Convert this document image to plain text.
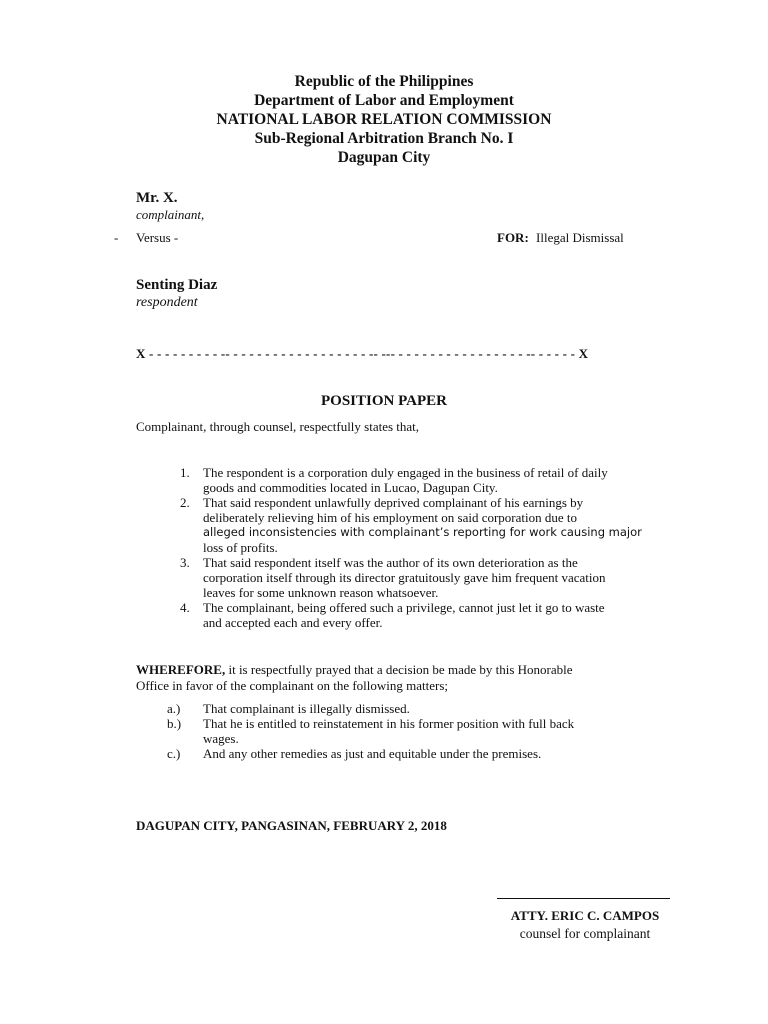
Republic of the Philippines
Department of Labor and Employment
NATIONAL LABOR RELATION COMMISSION
Sub-Regional Arbitration Branch No. I
Dagupan City
Mr. X.
complainant,
- Versus -	FOR: Illegal Dismissal
Senting Diaz
respondent
X - - - - - - - - - -- - - - - - - - - - - - - - - - - - -- --- - - - - - - - - - - - - - - - - -- - - - - - X
POSITION PAPER
Complainant, through counsel, respectfully states that,
1. The respondent is a corporation duly engaged in the business of retail of daily
goods and commodities located in Lucao, Dagupan City.
2. That said respondent unlawfully deprived complainant of his earnings by
deliberately relieving him of his employment on said corporation due to
alleged inconsistencies with complainant’s reporting for work causing major
loss of profits.
3. That said respondent itself was the author of its own deterioration as the
corporation itself through its director gratuitously gave him frequent vacation
leaves for some unknown reason whatsoever.
4. The complainant, being offered such a privilege, cannot just let it go to waste
and accepted each and every offer.
WHEREFORE, it is respectfully prayed that a decision be made by this Honorable
Office in favor of the complainant on the following matters;
a.) That complainant is illegally dismissed.
b.) That he is entitled to reinstatement in his former position with full back
wages.
c.) And any other remedies as just and equitable under the premises.
DAGUPAN CITY, PANGASINAN, FEBRUARY 2, 2018
ATTY. ERIC C. CAMPOS
counsel for complainant
